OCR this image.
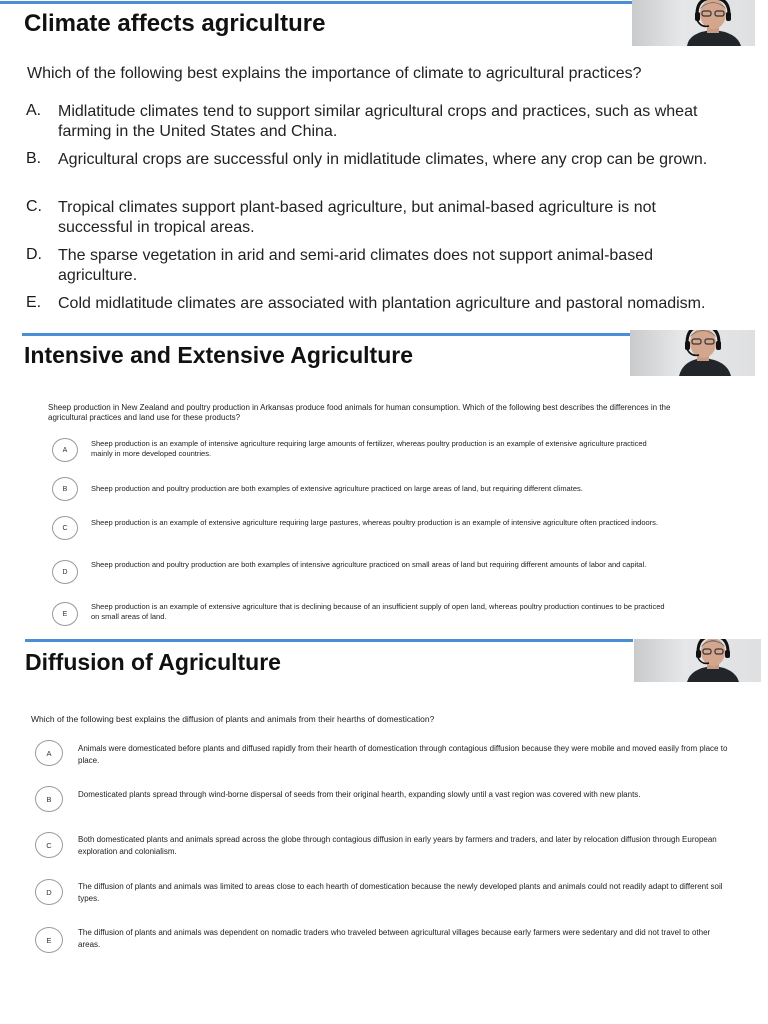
Climate affects agriculture
Which of the following best explains the importance of climate to agricultural practices?
A. Midlatitude climates tend to support similar agricultural crops and practices, such as wheat farming in the United States and China.
B. Agricultural crops are successful only in midlatitude climates, where any crop can be grown.
C. Tropical climates support plant-based agriculture, but animal-based agriculture is not successful in tropical areas.
D. The sparse vegetation in arid and semi-arid climates does not support animal-based agriculture.
E. Cold midlatitude climates are associated with plantation agriculture and pastoral nomadism.
Intensive and Extensive Agriculture
Sheep production in New Zealand and poultry production in Arkansas produce food animals for human consumption. Which of the following best describes the differences in the agricultural practices and land use for these products?
A
Sheep production is an example of intensive agriculture requiring large amounts of fertilizer, whereas poultry production is an example of extensive agriculture practiced mainly in more developed countries.
B	Sheep production and poultry production are both examples of extensive agriculture practiced on large areas of land, but requiring different climates.
C
Sheep production is an example of extensive agriculture requiring large pastures, whereas poultry production is an example of intensive agriculture often practiced indoors.
D
Sheep production and poultry production are both examples of intensive agriculture practiced on small areas of land but requiring different amounts of labor and capital.
E
Sheep production is an example of extensive agriculture that is declining because of an insufficient supply of open land, whereas poultry production continues to be practiced on small areas of land.
Diffusion of Agriculture
Which of the following best explains the diffusion of plants and animals from their hearths of domestication?
A	Animals were domesticated before plants and diffused rapidly from their hearth of domestication through contagious diffusion because they were mobile and moved easily from place to place.
B	Domesticated plants spread through wind-borne dispersal of seeds from their original hearth, expanding slowly until a vast region was covered with new plants.
C
Both domesticated plants and animals spread across the globe through contagious diffusion in early years by farmers and traders, and later by relocation diffusion through European exploration and colonialism.
D
The diffusion of plants and animals was limited to areas close to each hearth of domestication because the newly developed plants and animals could not readily adapt to different soil types.
E
The diffusion of plants and animals was dependent on nomadic traders who traveled between agricultural villages because early farmers were sedentary and did not travel to other areas.
